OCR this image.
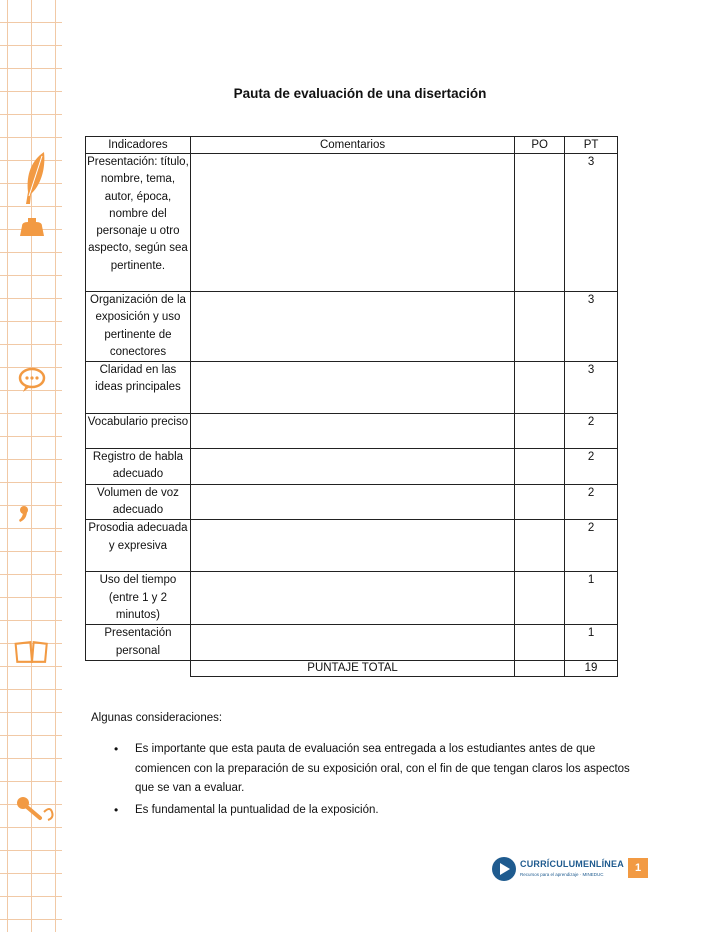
Pauta de evaluación de una disertación
Indicadores	Comentarios	PO	PT
Presentación: título, nombre, tema, autor, época, nombre del personaje u otro aspecto, según sea pertinente.			3
Organización de la exposición y uso pertinente de conectores			3
Claridad en las ideas principales			3
Vocabulario preciso			2
Registro de habla adecuado			2
Volumen de voz adecuado			2
Prosodia adecuada y expresiva			2
Uso del tiempo (entre 1 y 2 minutos)			1
Presentación personal			1
	PUNTAJE TOTAL		19
Algunas consideraciones:
• Es importante que esta pauta de evaluación sea entregada a los estudiantes antes de que comiencen con la preparación de su exposición oral, con el fin de que tengan claros los aspectos que se van a evaluar.
• Es fundamental la puntualidad de la exposición.
CURRÍCULUMENLÍNEA
Recursos para el aprendizaje · MINEDUC
1
